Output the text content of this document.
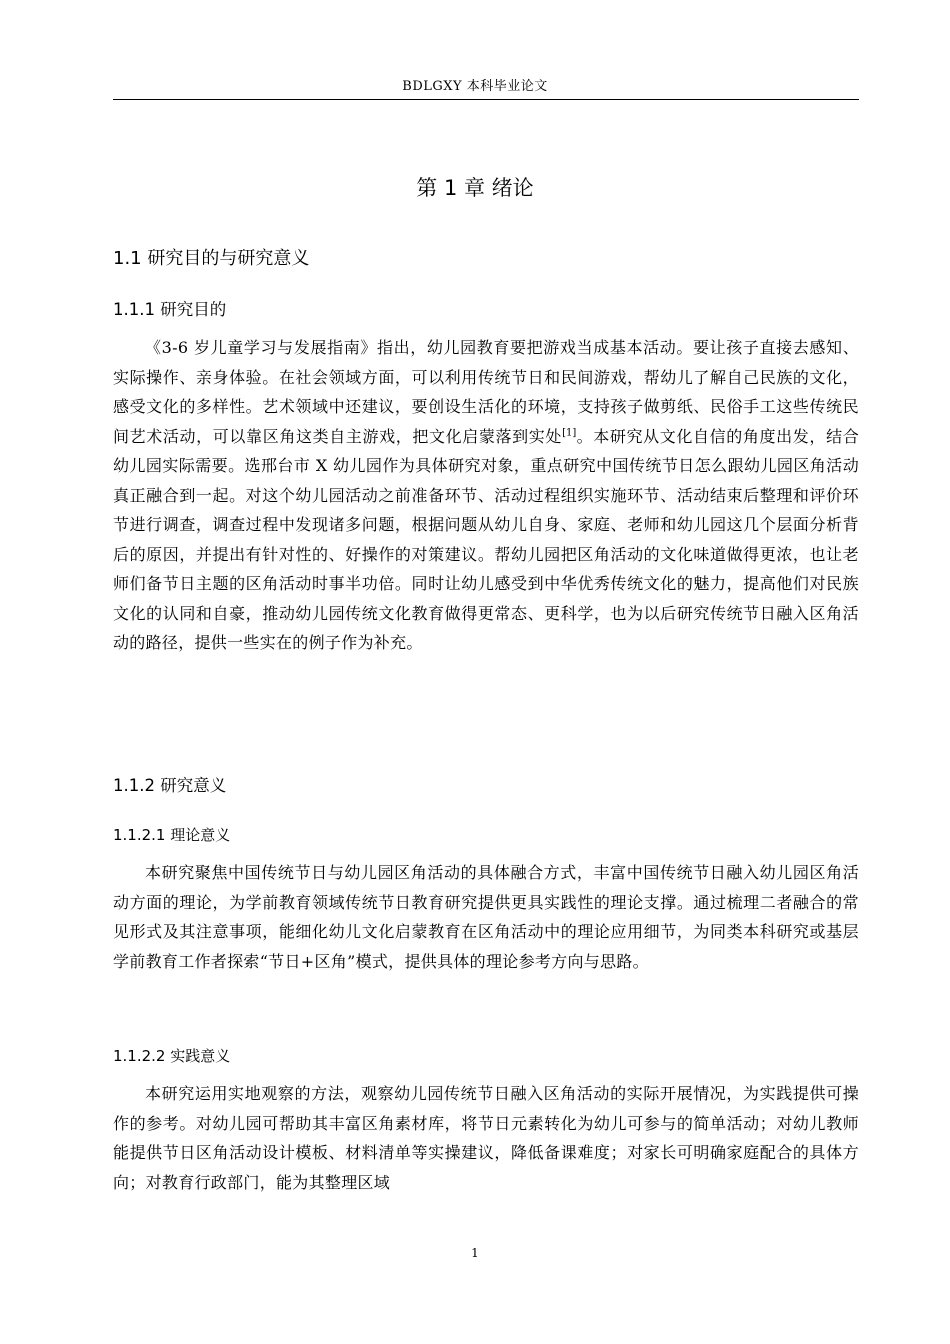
BDLGXY 本科毕业论文
第 1 章 绪论
1.1 研究目的与研究意义
1.1.1 研究目的

《3-6 岁儿童学习与发展指南》指出，幼儿园教育要把游戏当成基本活动。要让孩子直接去感知、实际操作、亲身体验。在社会领域方面，可以利用传统节日和民间游戏，帮幼儿了解自己民族的文化，感受文化的多样性。艺术领域中还建议，要创设生活化的环境，支持孩子做剪纸、民俗手工这些传统民间艺术活动，可以靠区角这类自主游戏，把文化启蒙落到实处[1]。本研究从文化自信的角度出发，结合幼儿园实际需要。选邢台市 X 幼儿园作为具体研究对象，重点研究中国传统节日怎么跟幼儿园区角活动真正融合到一起。对这个幼儿园活动之前准备环节、活动过程组织实施环节、活动结束后整理和评价环节进行调查，调查过程中发现诸多问题，根据问题从幼儿自身、家庭、老师和幼儿园这几个层面分析背后的原因，并提出有针对性的、好操作的对策建议。帮幼儿园把区角活动的文化味道做得更浓，也让老师们备节日主题的区角活动时事半功倍。同时让幼儿感受到中华优秀传统文化的魅力，提高他们对民族文化的认同和自豪，推动幼儿园传统文化教育做得更常态、更科学，也为以后研究传统节日融入区角活动的路径，提供一些实在的例子作为补充。

1.1.2 研究意义
1.1.2.1 理论意义

本研究聚焦中国传统节日与幼儿园区角活动的具体融合方式，丰富中国传统节日融入幼儿园区角活动方面的理论，为学前教育领域传统节日教育研究提供更具实践性的理论支撑。通过梳理二者融合的常见形式及其注意事项，能细化幼儿文化启蒙教育在区角活动中的理论应用细节，为同类本科研究或基层学前教育工作者探索“节日+区角”模式，提供具体的理论参考方向与思路。

1.1.2.2 实践意义

本研究运用实地观察的方法，观察幼儿园传统节日融入区角活动的实际开展情况，为实践提供可操作的参考。对幼儿园可帮助其丰富区角素材库，将节日元素转化为幼儿可参与的简单活动；对幼儿教师能提供节日区角活动设计模板、材料清单等实操建议，降低备课难度；对家长可明确家庭配合的具体方向；对教育行政部门，能为其整理区域

1
